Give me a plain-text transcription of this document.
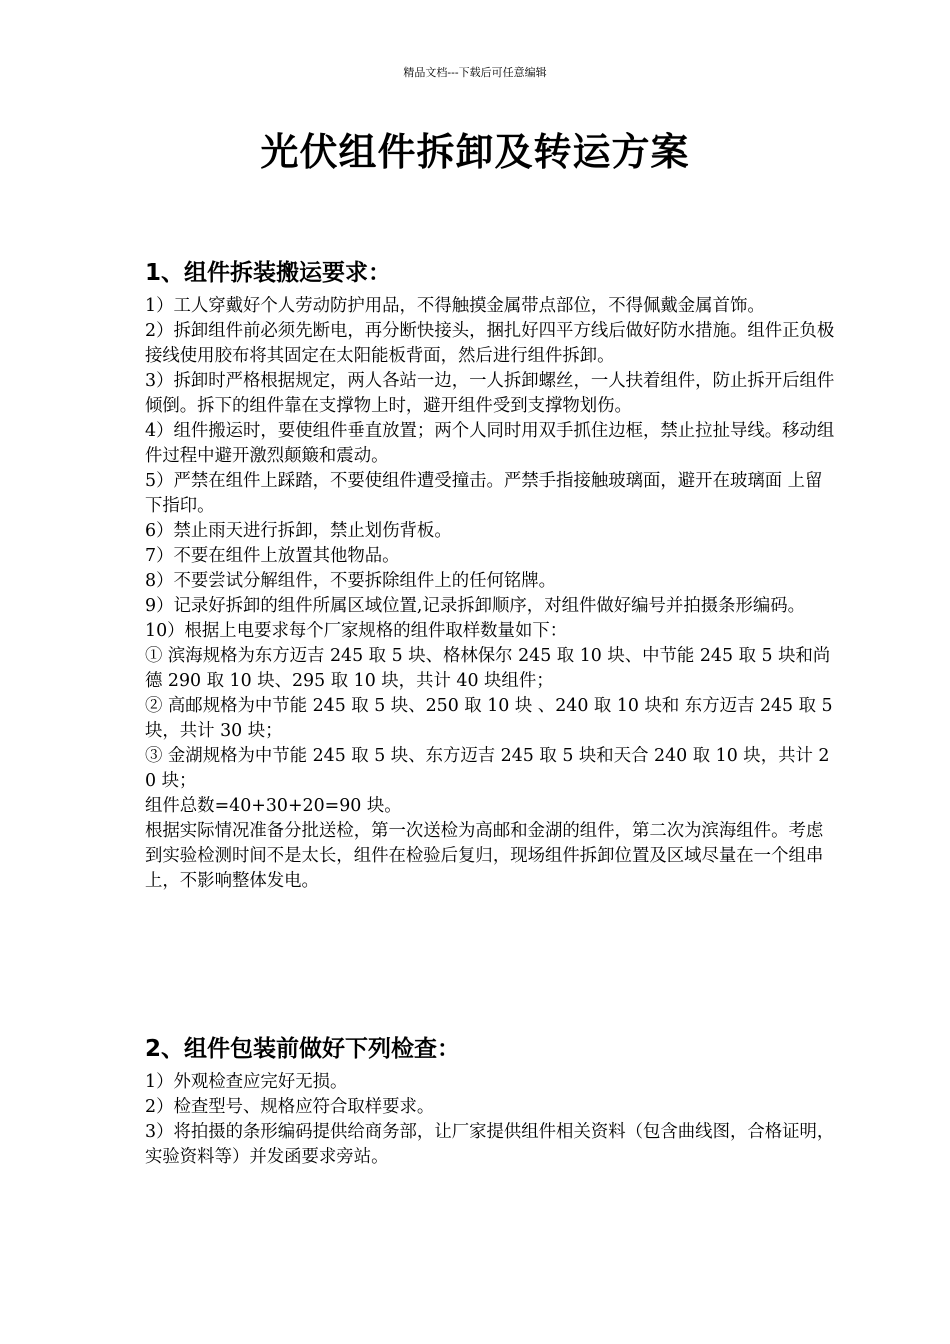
精品文档---下载后可任意编辑
光伏组件拆卸及转运方案
1、组件拆装搬运要求：

1）工人穿戴好个人劳动防护用品，不得触摸金属带点部位，不得佩戴金属首饰。

2）拆卸组件前必须先断电，再分断快接头，捆扎好四平方线后做好防水措施。组件正负极接线使用胶布将其固定在太阳能板背面，然后进行组件拆卸。

3）拆卸时严格根据规定，两人各站一边，一人拆卸螺丝，一人扶着组件，防止拆开后组件倾倒。拆下的组件靠在支撑物上时，避开组件受到支撑物划伤。

4）组件搬运时，要使组件垂直放置；两个人同时用双手抓住边框，禁止拉扯导线。移动组件过程中避开激烈颠簸和震动。

5）严禁在组件上踩踏，不要使组件遭受撞击。严禁手指接触玻璃面，避开在玻璃面 上留下指印。

6）禁止雨天进行拆卸，禁止划伤背板。

7）不要在组件上放置其他物品。

8）不要尝试分解组件，不要拆除组件上的任何铭牌。

9）记录好拆卸的组件所属区域位置,记录拆卸顺序，对组件做好编号并拍摄条形编码。

10）根据上电要求每个厂家规格的组件取样数量如下：

① 滨海规格为东方迈吉 245 取 5 块、格林保尔 245 取 10 块、中节能 245 取 5 块和尚德 290 取 10 块、295 取 10 块，共计 40 块组件；

② 高邮规格为中节能 245 取 5 块、250 取 10 块 、240 取 10 块和 东方迈吉 245 取 5 块，共计 30 块；

③ 金湖规格为中节能 245 取 5 块、东方迈吉 245 取 5 块和天合 240 取 10 块，共计 20 块；

组件总数=40+30+20=90 块。

根据实际情况准备分批送检，第一次送检为高邮和金湖的组件，第二次为滨海组件。考虑到实验检测时间不是太长，组件在检验后复归，现场组件拆卸位置及区域尽量在一个组串上，不影响整体发电。

2、组件包装前做好下列检查：

1）外观检查应完好无损。

2）检查型号、规格应符合取样要求。

3）将拍摄的条形编码提供给商务部，让厂家提供组件相关资料（包含曲线图，合格证明，实验资料等）并发函要求旁站。
